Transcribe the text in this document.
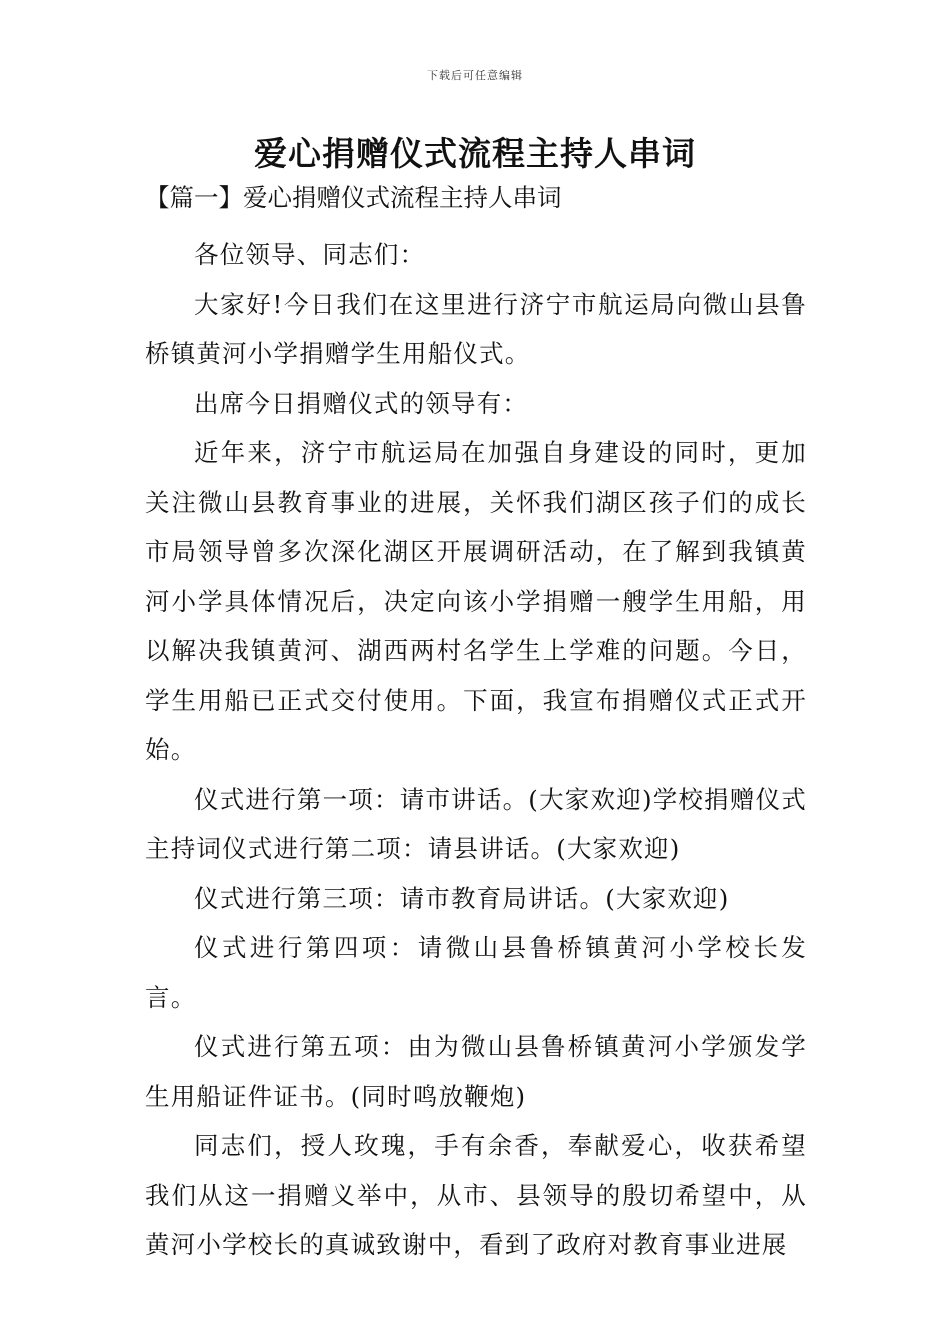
下载后可任意编辑
爱心捐赠仪式流程主持人串词

【篇一】爱心捐赠仪式流程主持人串词

各位领导、同志们：

大家好!今日我们在这里进行济宁市航运局向微山县鲁桥镇黄河小学捐赠学生用船仪式。

出席今日捐赠仪式的领导有：

近年来，济宁市航运局在加强自身建设的同时，更加关注微山县教育事业的进展，关怀我们湖区孩子们的成长市局领导曾多次深化湖区开展调研活动，在了解到我镇黄河小学具体情况后，决定向该小学捐赠一艘学生用船，用以解决我镇黄河、湖西两村名学生上学难的问题。今日，学生用船已正式交付使用。下面，我宣布捐赠仪式正式开始。

仪式进行第一项：请市讲话。(大家欢迎)学校捐赠仪式主持词仪式进行第二项：请县讲话。(大家欢迎)

仪式进行第三项：请市教育局讲话。(大家欢迎)

仪式进行第四项：请微山县鲁桥镇黄河小学校长发言。

仪式进行第五项：由为微山县鲁桥镇黄河小学颁发学生用船证件证书。(同时鸣放鞭炮)

同志们，授人玫瑰，手有余香，奉献爱心，收获希望我们从这一捐赠义举中，从市、县领导的殷切希望中，从黄河小学校长的真诚致谢中，看到了政府对教育事业进展
